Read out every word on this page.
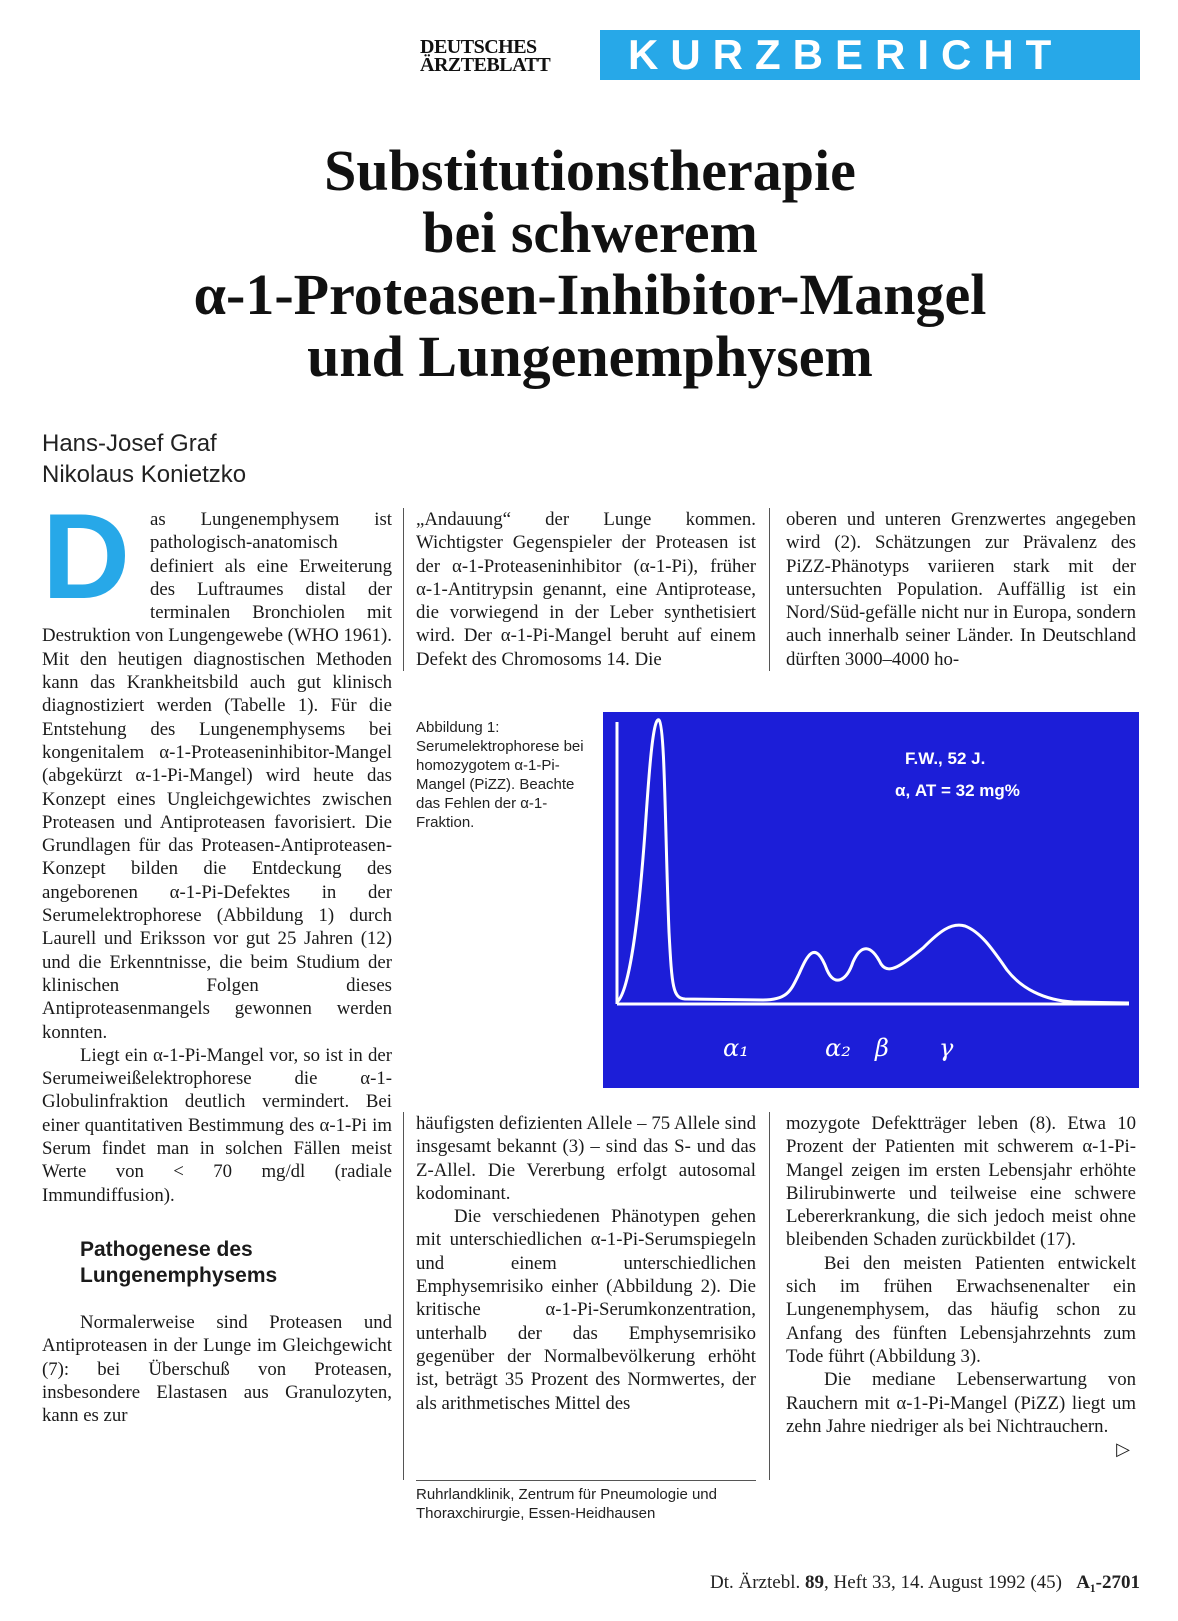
DEUTSCHES
ÄRZTEBLATT	KURZBERICHT
Substitutionstherapie
bei schwerem
α-1-Proteasen-Inhibitor-Mangel
und Lungenemphysem
Hans-Josef Graf
Nikolaus Konietzko

D	as Lungenemphysem ist pathologisch-anatomisch definiert als eine Erweiterung des Luftraumes distal der terminalen Bronchiolen mit Destruktion von Lungengewebe (WHO 1961). Mit den heutigen diagnostischen Methoden kann das Krankheitsbild auch gut klinisch diagnostiziert werden (Tabelle 1). Für die Entstehung des Lungenemphysems bei kongenitalem α-1-Proteaseninhibitor-Mangel (abgekürzt α-1-Pi-Mangel) wird heute das Konzept eines Ungleichgewichtes zwischen Proteasen und Antiproteasen favorisiert. Die Grundlagen für das Proteasen-Antiproteasen-Konzept bilden die Entdeckung des angeborenen α-1-Pi-Defektes in der Serumelektrophorese (Abbildung 1) durch Laurell und Eriksson vor gut 25 Jahren (12) und die Erkenntnisse, die beim Studium der klinischen Folgen dieses Antiproteasenmangels gewonnen werden konnten.

Liegt ein α-1-Pi-Mangel vor, so ist in der Serumeiweißelektrophorese die α-1-Globulinfraktion deutlich vermindert. Bei einer quantitativen Bestimmung des α-1-Pi im Serum findet man in solchen Fällen meist Werte von < 70 mg/dl (radiale Immundiffusion).

Pathogenese des Lungenemphysems

Normalerweise sind Proteasen und Antiproteasen in der Lunge im Gleichgewicht (7): bei Überschuß von Proteasen, insbesondere Elastasen aus Granulozyten, kann es zur

„Andauung“ der Lunge kommen. Wichtigster Gegenspieler der Proteasen ist der α-1-Proteaseninhibitor (α-1-Pi), früher α-1-Antitrypsin genannt, eine Antiprotease, die vorwiegend in der Leber synthetisiert wird. Der α-1-Pi-Mangel beruht auf einem Defekt des Chromosoms 14. Die

oberen und unteren Grenzwertes angegeben wird (2). Schätzungen zur Prävalenz des PiZZ-Phänotyps variieren stark mit der untersuchten Population. Auffällig ist ein Nord/Süd-gefälle nicht nur in Europa, sondern auch innerhalb seiner Länder. In Deutschland dürften 3000–4000 ho-

Abbildung 1: Serumelektrophorese bei homozygotem α-1-Pi-Mangel (PiZZ). Beachte das Fehlen der α-1-Fraktion.
F.W., 52 J.
α, AT = 32 mg%
α₁	α₂ β γ

häufigsten defizienten Allele – 75 Allele sind insgesamt bekannt (3) – sind das S- und das Z-Allel. Die Vererbung erfolgt autosomal kodominant.

Die verschiedenen Phänotypen gehen mit unterschiedlichen α-1-Pi-Serumspiegeln und einem unterschiedlichen Emphysemrisiko einher (Abbildung 2). Die kritische α-1-Pi-Serumkonzentration, unterhalb der das Emphysemrisiko gegenüber der Normalbevölkerung erhöht ist, beträgt 35 Prozent des Normwertes, der als arithmetisches Mittel des

mozygote Defektträger leben (8). Etwa 10 Prozent der Patienten mit schwerem α-1-Pi-Mangel zeigen im ersten Lebensjahr erhöhte Bilirubinwerte und teilweise eine schwere Lebererkrankung, die sich jedoch meist ohne bleibenden Schaden zurückbildet (17).

Bei den meisten Patienten entwickelt sich im frühen Erwachsenenalter ein Lungenemphysem, das häufig schon zu Anfang des fünften Lebensjahrzehnts zum Tode führt (Abbildung 3).

Die mediane Lebenserwartung von Rauchern mit α-1-Pi-Mangel (PiZZ) liegt um zehn Jahre niedriger als bei Nichtrauchern.
▷

Ruhrlandklinik, Zentrum für Pneumologie und Thoraxchirurgie, Essen-Heidhausen
Dt. Ärztebl. 89, Heft 33, 14. August 1992 (45) A₁-2701
